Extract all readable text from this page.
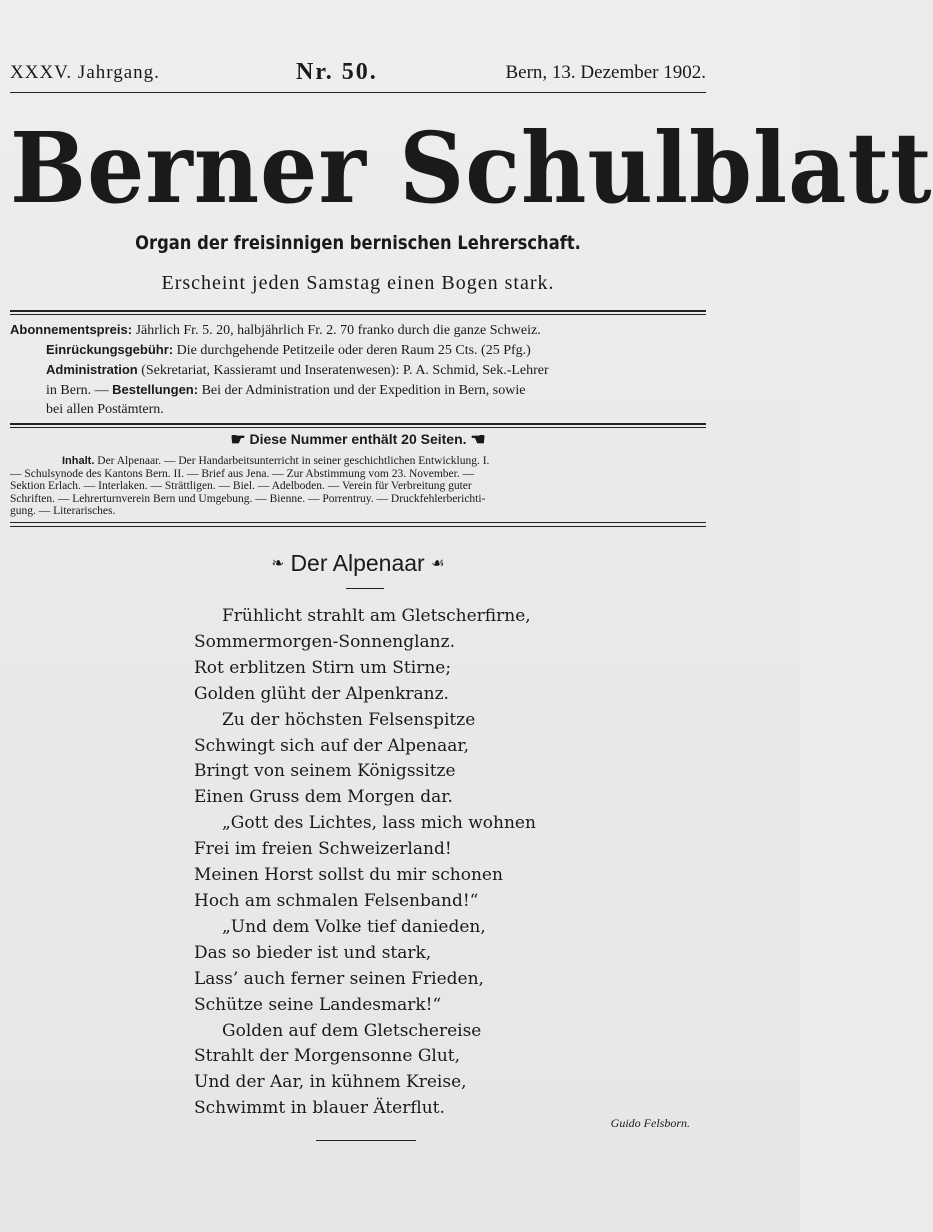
XXXV. Jahrgang.	Nr. 50.	Bern, 13. Dezember 1902.
Berner Schulblatt
Organ der freisinnigen bernischen Lehrerschaft.
Erscheint jeden Samstag einen Bogen stark.
Abonnementspreis: Jährlich Fr. 5. 20, halbjährlich Fr. 2. 70 franko durch die ganze Schweiz.
Einrückungsgebühr: Die durchgehende Petitzeile oder deren Raum 25 Cts. (25 Pfg.)
Administration (Sekretariat, Kassieramt und Inseratenwesen): P. A. Schmid, Sek.-Lehrer
in Bern. — Bestellungen: Bei der Administration und der Expedition in Bern, sowie
bei allen Postämtern.
☛ Diese Nummer enthält 20 Seiten. ☚
Inhalt. Der Alpenaar. — Der Handarbeitsunterricht in seiner geschichtlichen Entwicklung. I.
— Schulsynode des Kantons Bern. II. — Brief aus Jena. — Zur Abstimmung vom 23. November. —
Sektion Erlach. — Interlaken. — Strättligen. — Biel. — Adelboden. — Verein für Verbreitung guter
Schriften. — Lehrerturnverein Bern und Umgebung. — Bienne. — Porrentruy. — Druckfehlerberichti-
gung. — Literarisches.
❧ Der Alpenaar ☙
Frühlicht strahlt am Gletscherfirne,
Sommermorgen-Sonnenglanz.
Rot erblitzen Stirn um Stirne;
Golden glüht der Alpenkranz.
Zu der höchsten Felsenspitze
Schwingt sich auf der Alpenaar,
Bringt von seinem Königssitze
Einen Gruss dem Morgen dar.
„Gott des Lichtes, lass mich wohnen
Frei im freien Schweizerland!
Meinen Horst sollst du mir schonen
Hoch am schmalen Felsenband!“
„Und dem Volke tief danieden,
Das so bieder ist und stark,
Lass’ auch ferner seinen Frieden,
Schütze seine Landesmark!“
Golden auf dem Gletschereise
Strahlt der Morgensonne Glut,
Und der Aar, in kühnem Kreise,
Schwimmt in blauer Äterflut.
Guido Felsborn.
